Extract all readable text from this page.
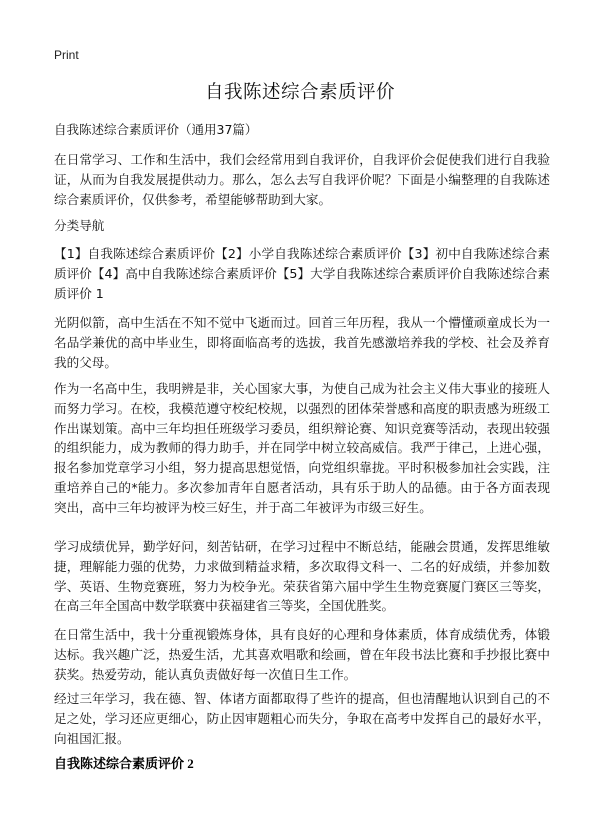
Print
自我陈述综合素质评价

自我陈述综合素质评价（通用37篇）

在日常学习、工作和生活中，我们会经常用到自我评价，自我评价会促使我们进行自我验证，从而为自我发展提供动力。那么，怎么去写自我评价呢？下面是小编整理的自我陈述综合素质评价，仅供参考，希望能够帮助到大家。

分类导航

【1】自我陈述综合素质评价【2】小学自我陈述综合素质评价【3】初中自我陈述综合素质评价【4】高中自我陈述综合素质评价【5】大学自我陈述综合素质评价自我陈述综合素质评价 1

光阴似箭，高中生活在不知不觉中飞逝而过。回首三年历程，我从一个懵懂顽童成长为一名品学兼优的高中毕业生，即将面临高考的选拔，我首先感激培养我的学校、社会及养育我的父母。

作为一名高中生，我明辨是非，关心国家大事，为使自己成为社会主义伟大事业的接班人而努力学习。在校，我模范遵守校纪校规，以强烈的团体荣誉感和高度的职责感为班级工作出谋划策。高中三年均担任班级学习委员，组织辩论赛、知识竞赛等活动，表现出较强的组织能力，成为教师的得力助手，并在同学中树立较高威信。我严于律己，上进心强，报名参加党章学习小组，努力提高思想觉悟，向党组织靠拢。平时积极参加社会实践，注重培养自己的*能力。多次参加青年自愿者活动，具有乐于助人的品德。由于各方面表现突出，高中三年均被评为校三好生，并于高二年被评为市级三好生。

学习成绩优异，勤学好问，刻苦钻研，在学习过程中不断总结，能融会贯通，发挥思维敏捷，理解能力强的优势，力求做到精益求精，多次取得文科一、二名的好成绩，并参加数学、英语、生物竞赛班，努力为校争光。荣获省第六届中学生生物竞赛厦门赛区三等奖，在高三年全国高中数学联赛中获福建省三等奖，全国优胜奖。

在日常生活中，我十分重视锻炼身体，具有良好的心理和身体素质，体育成绩优秀，体锻达标。我兴趣广泛，热爱生活，尤其喜欢唱歌和绘画，曾在年段书法比赛和手抄报比赛中获奖。热爱劳动，能认真负责做好每一次值日生工作。

经过三年学习，我在德、智、体诸方面都取得了些许的提高，但也清醒地认识到自己的不足之处，学习还应更细心，防止因审题粗心而失分，争取在高考中发挥自己的最好水平，向祖国汇报。

自我陈述综合素质评价 2
